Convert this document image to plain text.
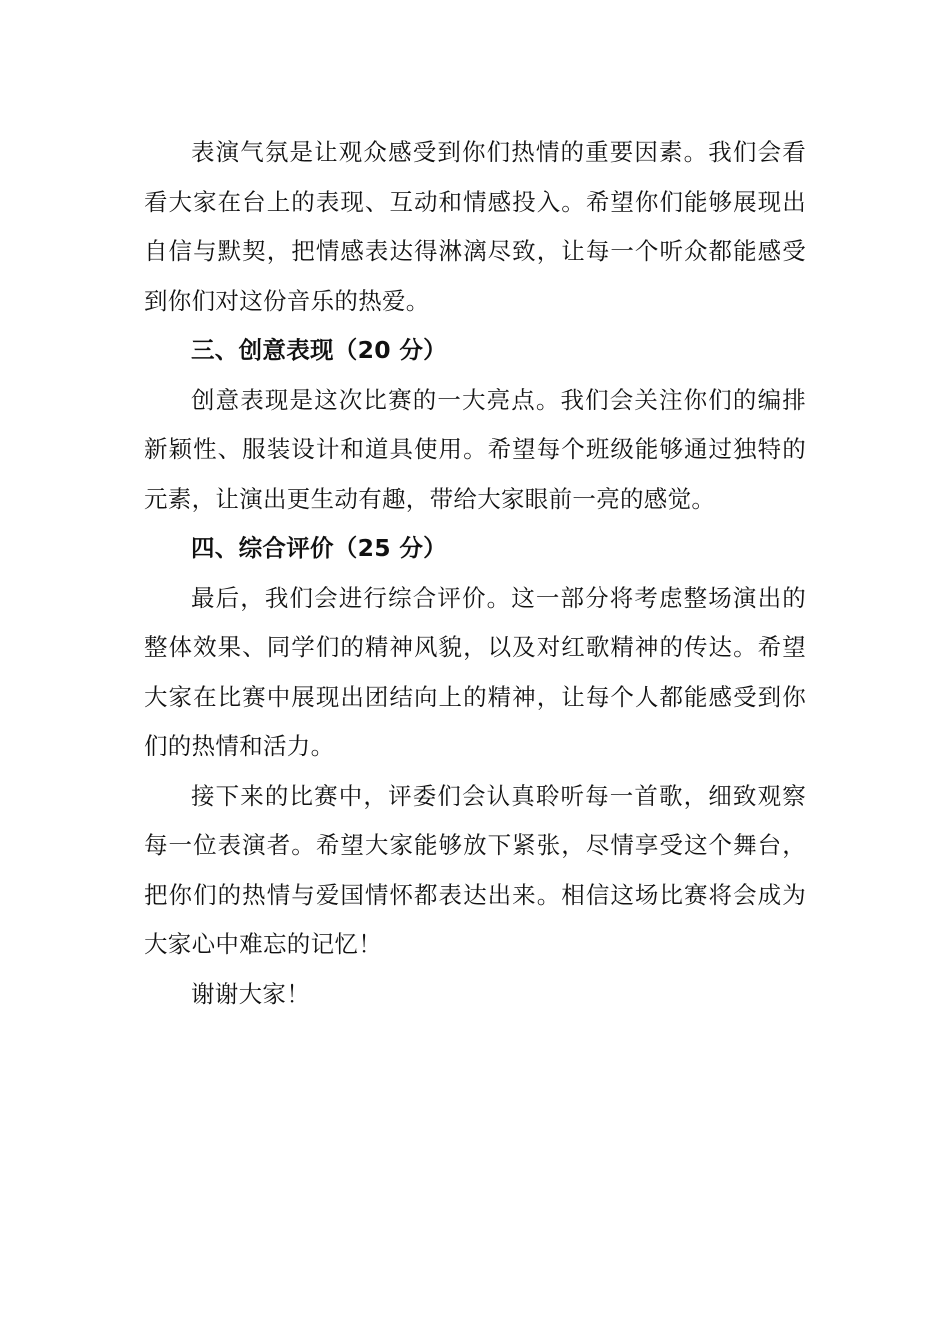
表演气氛是让观众感受到你们热情的重要因素。我们会看看大家在台上的表现、互动和情感投入。希望你们能够展现出自信与默契，把情感表达得淋漓尽致，让每一个听众都能感受到你们对这份音乐的热爱。

三、创意表现（20 分）

创意表现是这次比赛的一大亮点。我们会关注你们的编排新颖性、服装设计和道具使用。希望每个班级能够通过独特的元素，让演出更生动有趣，带给大家眼前一亮的感觉。

四、综合评价（25 分）

最后，我们会进行综合评价。这一部分将考虑整场演出的整体效果、同学们的精神风貌，以及对红歌精神的传达。希望大家在比赛中展现出团结向上的精神，让每个人都能感受到你们的热情和活力。

接下来的比赛中，评委们会认真聆听每一首歌，细致观察每一位表演者。希望大家能够放下紧张，尽情享受这个舞台，把你们的热情与爱国情怀都表达出来。相信这场比赛将会成为大家心中难忘的记忆！

谢谢大家！
